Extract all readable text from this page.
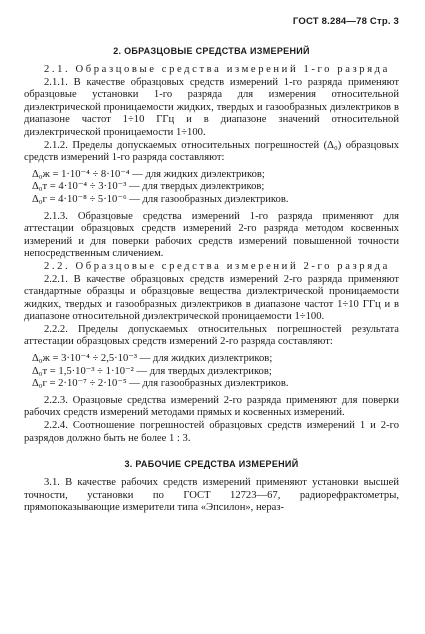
ГОСТ 8.284—78 Стр. 3
2. ОБРАЗЦОВЫЕ СРЕДСТВА ИЗМЕРЕНИЙ

2.1. Образцовые средства измерений 1-го разряда

2.1.1. В качестве образцовых средств измерений 1-го разряда применяют образцовые установки 1-го разряда для измерения относительной диэлектрической проницаемости жидких, твердых и газообразных диэлектриков в диапазоне частот 1÷10 ГГц и в диапазоне значений относительной диэлектрической проницаемости 1÷100.

2.1.2. Пределы допускаемых относительных погрешностей (Δ₀) образцовых средств измерений 1-го разряда составляют:

Δ₀ж = 1·10⁻⁴ ÷ 8·10⁻⁴ — для жидких диэлектриков;

Δ₀т = 4·10⁻⁴ ÷ 3·10⁻³ — для твердых диэлектриков;

Δ₀г = 4·10⁻⁸ ÷ 5·10⁻⁶ — для газообразных диэлектриков.

2.1.3. Образцовые средства измерений 1-го разряда применяют для аттестации образцовых средств измерений 2-го разряда методом косвенных измерений и для поверки рабочих средств измерений повышенной точности непосредственным сличением.

2.2. Образцовые средства измерений 2-го разряда

2.2.1. В качестве образцовых средств измерений 2-го разряда применяют стандартные образцы и образцовые вещества диэлектрической проницаемости жидких, твердых и газообразных диэлектриков в диапазоне частот 1÷10 ГГц и в диапазоне относительной диэлектрической проницаемости 1÷100.

2.2.2. Пределы допускаемых относительных погрешностей результата аттестации образцовых средств измерений 2-го разряда составляют:

Δ₀ж = 3·10⁻⁴ ÷ 2,5·10⁻³ — для жидких диэлектриков;

Δ₀т = 1,5·10⁻³ ÷ 1·10⁻² — для твердых диэлектриков;

Δ₀г = 2·10⁻⁷ ÷ 2·10⁻⁵ — для газообразных диэлектриков.

2.2.3. Оразцовые средства измерений 2-го разряда применяют для поверки рабочих средств измерений методами прямых и косвенных измерений.

2.2.4. Соотношение погрешностей образцовых средств измерений 1 и 2-го разрядов должно быть не более 1 : 3.

3. РАБОЧИЕ СРЕДСТВА ИЗМЕРЕНИЙ

3.1. В качестве рабочих средств измерений применяют установки высшей точности, установки по ГОСТ 12723—67, радиорефрактометры, прямопоказывающие измерители типа «Эпсилон», нераз-
